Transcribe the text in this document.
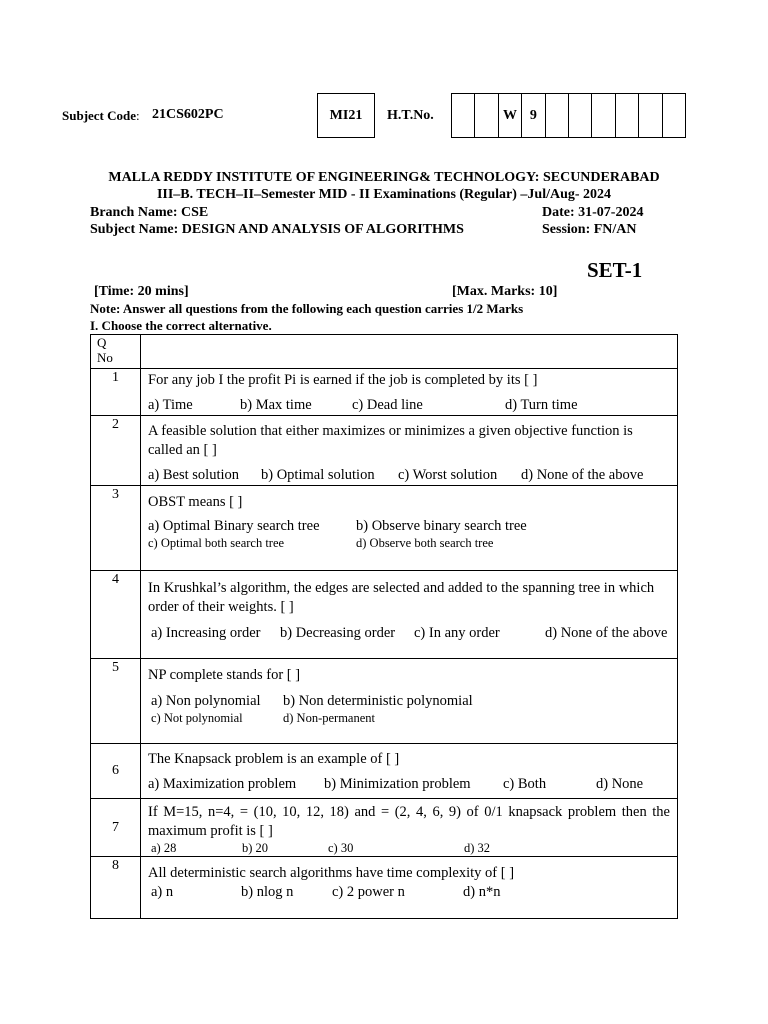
Subject Code: 21CS602PC	MI21	H.T.No.	W 9
MALLA REDDY INSTITUTE OF ENGINEERING& TECHNOLOGY: SECUNDERABAD
III–B. TECH–II–Semester MID - II Examinations (Regular) –Jul/Aug- 2024
Branch Name: CSE	Date: 31-07-2024
Subject Name: DESIGN AND ANALYSIS OF ALGORITHMS	Session: FN/AN
SET-1
[Time: 20 mins]	[Max. Marks: 10]
Note: Answer all questions from the following each question carries 1/2 Marks
I. Choose the correct alternative.
Q
No	

1	For any job I the profit Pi is earned if the job is completed by its [ ]
a) Time b) Max time c) Dead line d) Turn time

2	A feasible solution that either maximizes or minimizes a given objective function is called an [ ]
a) Best solution b) Optimal solution c) Worst solution d) None of the above

3	OBST means [ ]
a) Optimal Binary search tree b) Observe binary search tree
c) Optimal both search tree d) Observe both search tree

4	In Krushkal’s algorithm, the edges are selected and added to the spanning tree in which order of their weights. [ ]
a) Increasing order b) Decreasing order c) In any order d) None of the above

5	NP complete stands for [ ]
a) Non polynomial b) Non deterministic polynomial
c) Not polynomial d) Non-permanent

6	The Knapsack problem is an example of [ ]
a) Maximization problem b) Minimization problem c) Both d) None

7	If M=15, n=4, = (10, 10, 12, 18) and = (2, 4, 6, 9) of 0/1 knapsack problem then the maximum profit is [ ]
a) 28 b) 20 c) 30 d) 32

8	All deterministic search algorithms have time complexity of [ ]
a) n b) nlog n c) 2 power n d) n*n
